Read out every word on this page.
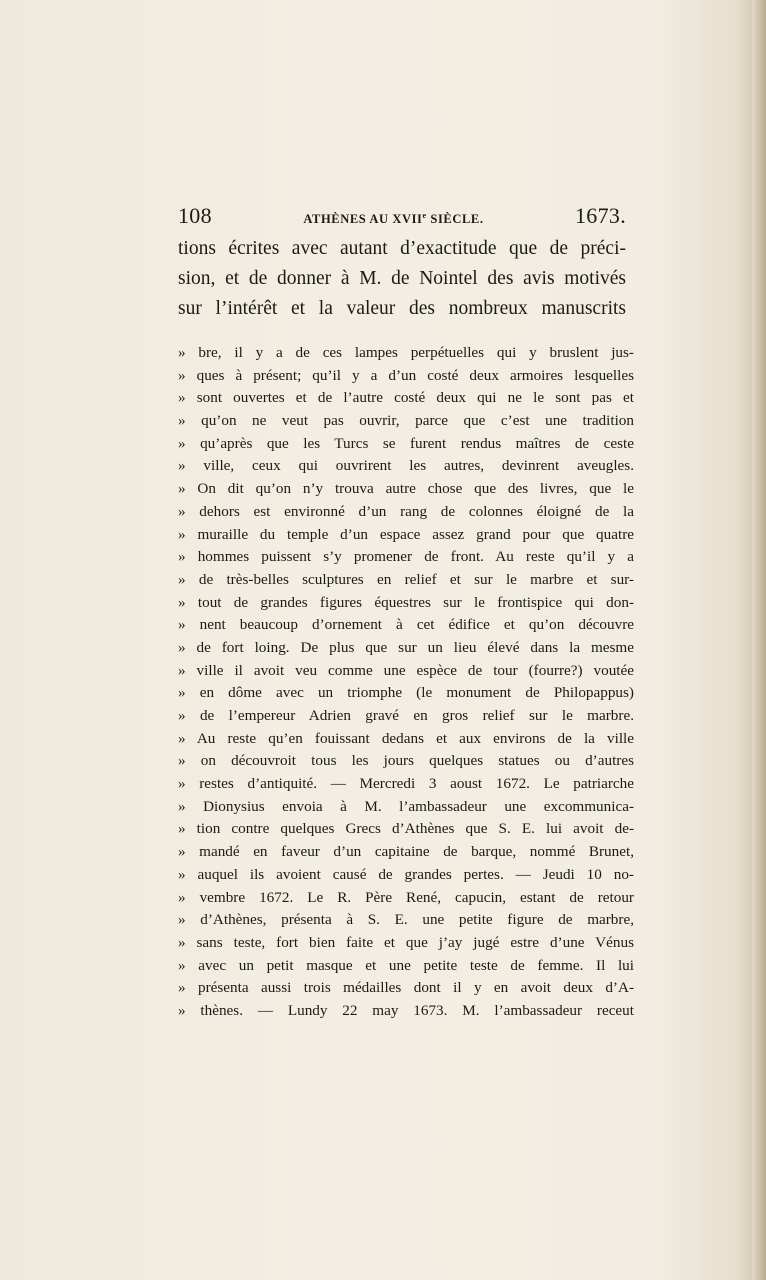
108	ATHÈNES AU XVIIe SIÈCLE.	1673.
tions écrites avec autant d’exactitude que de préci-
sion, et de donner à M. de Nointel des avis motivés
sur l’intérêt et la valeur des nombreux manuscrits
» bre, il y a de ces lampes perpétuelles qui y bruslent jus-
» ques à présent; qu’il y a d’un costé deux armoires lesquelles
» sont ouvertes et de l’autre costé deux qui ne le sont pas et
» qu’on ne veut pas ouvrir, parce que c’est une tradition
» qu’après que les Turcs se furent rendus maîtres de ceste
» ville, ceux qui ouvrirent les autres, devinrent aveugles.
» On dit qu’on n’y trouva autre chose que des livres, que le
» dehors est environné d’un rang de colonnes éloigné de la
» muraille du temple d’un espace assez grand pour que quatre
» hommes puissent s’y promener de front. Au reste qu’il y a
» de très-belles sculptures en relief et sur le marbre et sur-
» tout de grandes figures équestres sur le frontispice qui don-
» nent beaucoup d’ornement à cet édifice et qu’on découvre
» de fort loing. De plus que sur un lieu élevé dans la mesme
» ville il avoit veu comme une espèce de tour (fourre?) voutée
» en dôme avec un triomphe (le monument de Philopappus)
» de l’empereur Adrien gravé en gros relief sur le marbre.
» Au reste qu’en fouissant dedans et aux environs de la ville
» on découvroit tous les jours quelques statues ou d’autres
» restes d’antiquité. — Mercredi 3 aoust 1672. Le patriarche
» Dionysius envoia à M. l’ambassadeur une excommunica-
» tion contre quelques Grecs d’Athènes que S. E. lui avoit de-
» mandé en faveur d’un capitaine de barque, nommé Brunet,
» auquel ils avoient causé de grandes pertes. — Jeudi 10 no-
» vembre 1672. Le R. Père René, capucin, estant de retour
» d’Athènes, présenta à S. E. une petite figure de marbre,
» sans teste, fort bien faite et que j’ay jugé estre d’une Vénus
» avec un petit masque et une petite teste de femme. Il lui
» présenta aussi trois médailles dont il y en avoit deux d’A-
» thènes. — Lundy 22 may 1673. M. l’ambassadeur receut
